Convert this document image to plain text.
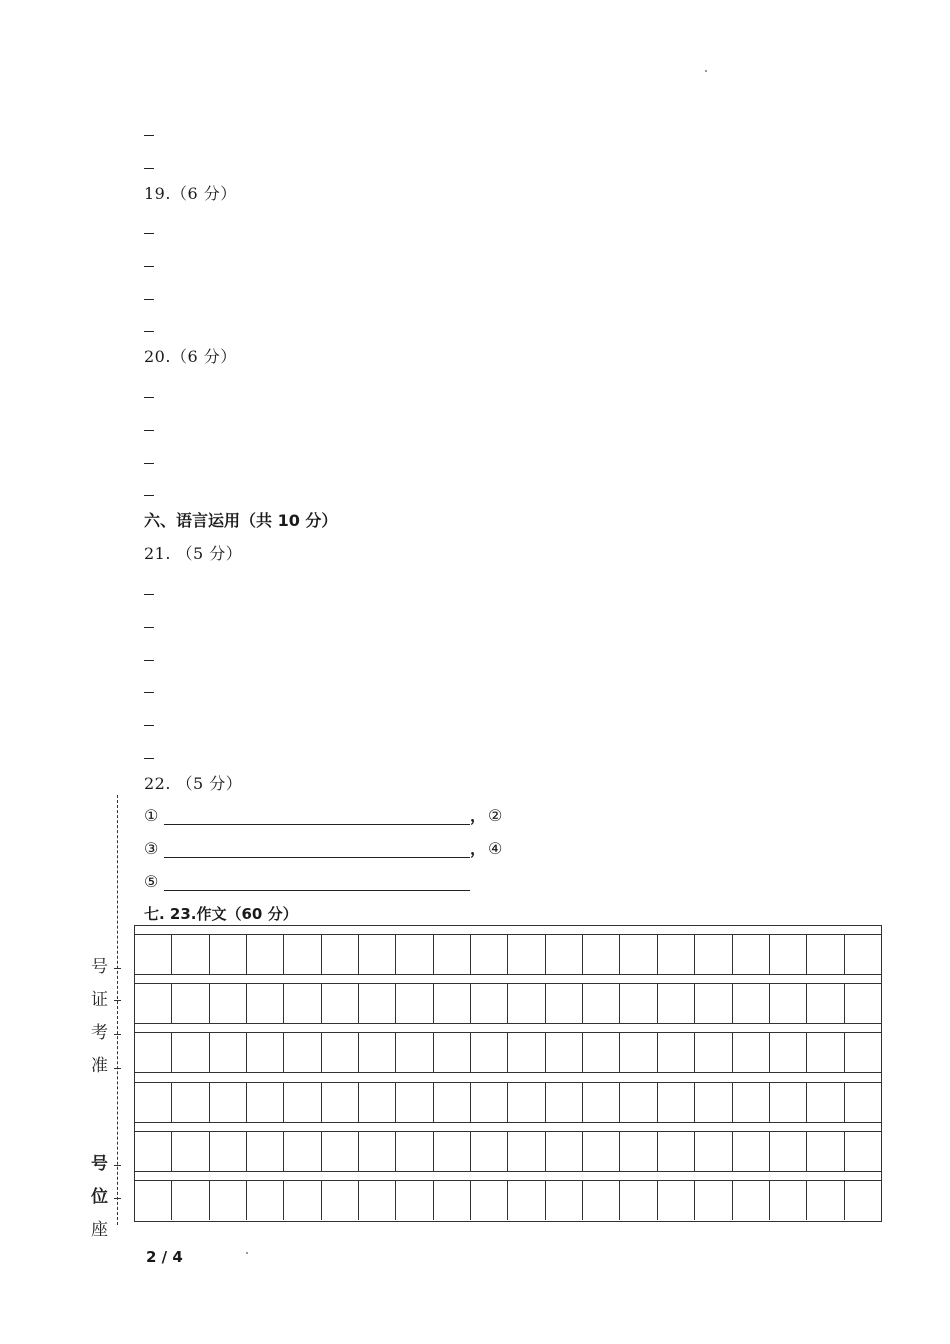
19.（6 分）
20.（6 分）
六、语言运用（共 10 分）
21. （5 分）
22. （5 分）
①	， ②
③	， ④
⑤
七. 23.作文（60 分）
号
证
考
准
号
位
座
2 / 4
